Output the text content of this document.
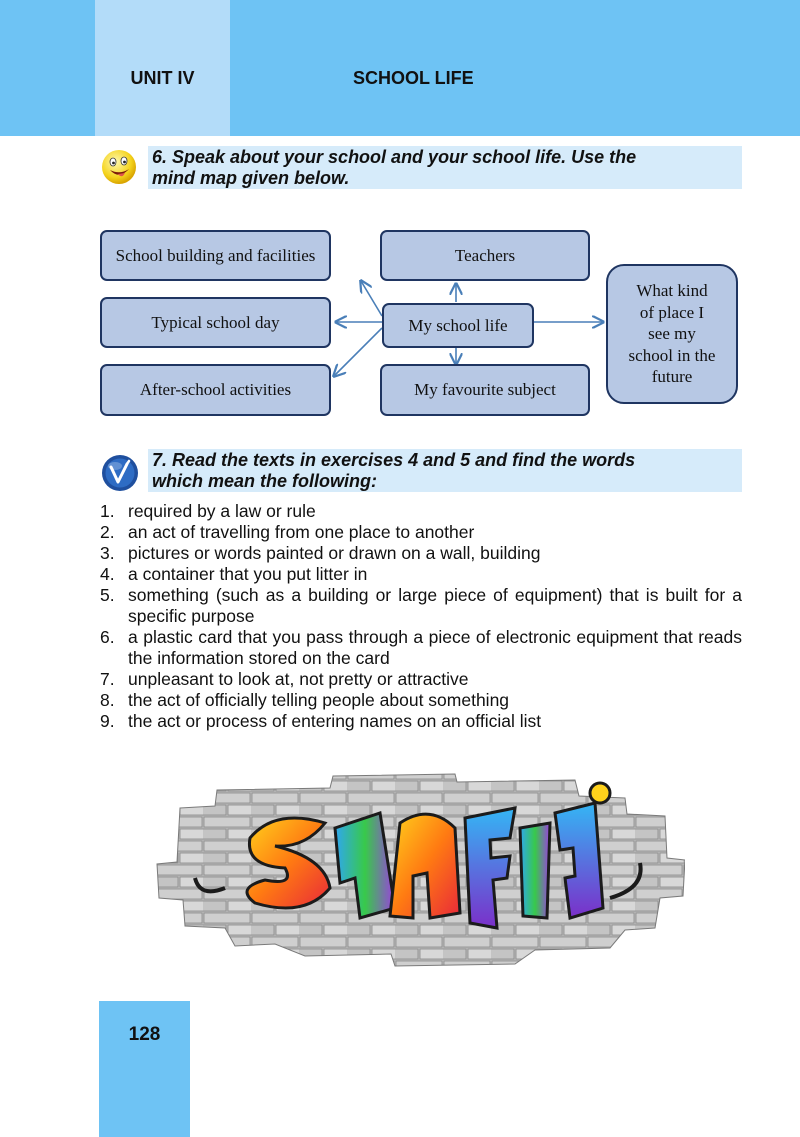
UNIT IV	SCHOOL LIFE
6. Speak about your school and your school life. Use the
mind map given below.
School building and facilities	Teachers
Typical school day	My school life
After-school activities	My favourite subject
What kind
of place I
see my
school in the
future
7. Read the texts in exercises 4 and 5 and find the words
which mean the following:
1. required by a law or rule
2. an act of travelling from one place to another
3. pictures or words painted or drawn on a wall, building
4. a container that you put litter in
5. something (such as a building or large piece of equipment) that is built for a specific purpose
6. a plastic card that you pass through a piece of electronic equipment that reads the information stored on the card
7. unpleasant to look at, not pretty or attractive
8. the act of officially telling people about something
9. the act or process of entering names on an official list
128
